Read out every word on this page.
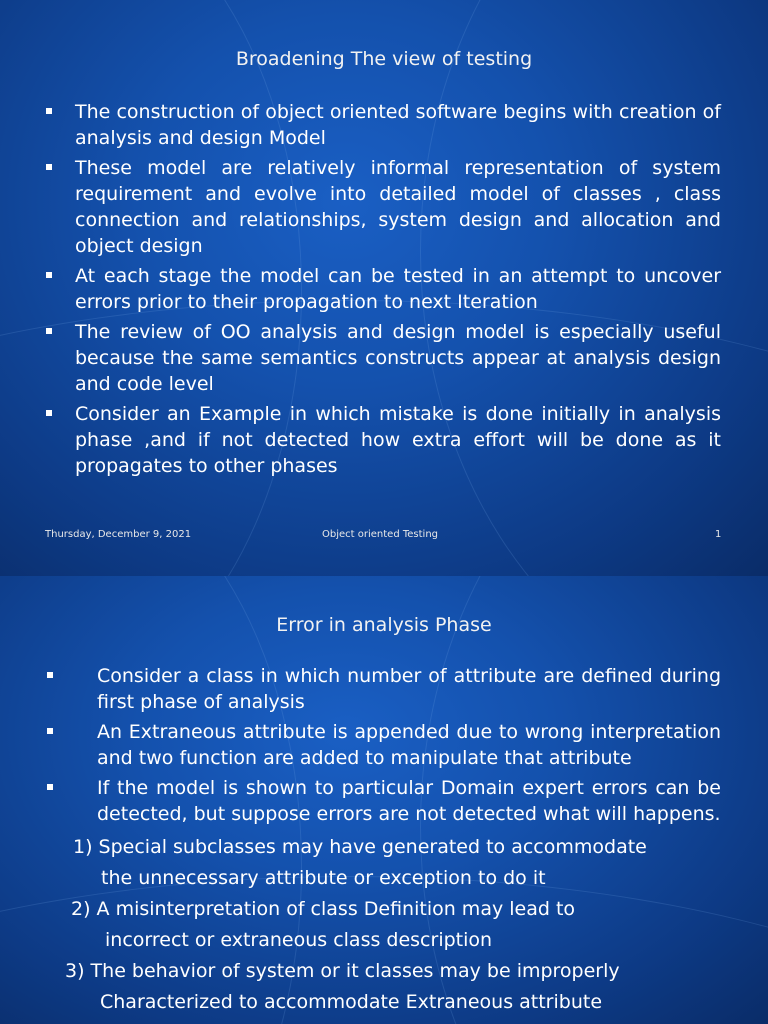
Broadening The view of testing
The construction of object oriented software begins with creation of analysis and design Model
These model are relatively informal representation of system requirement and evolve into detailed model of classes , class connection and relationships, system design and allocation and object design
At each stage the model can be tested in an attempt to uncover errors prior to their propagation to next Iteration
The review of OO analysis and design model is especially useful because the same semantics constructs appear at analysis design and code level
Consider an Example in which mistake is done initially in analysis phase ,and if not detected how extra effort will be done as it propagates to other phases
Thursday, December 9, 2021	Object oriented Testing	1
Error in analysis Phase
Consider a class in which number of attribute are defined during first phase of analysis
An Extraneous attribute is appended due to wrong interpretation and two function are added to manipulate that attribute
If the model is shown to particular Domain expert errors can be detected, but suppose errors are not detected what will happens.
1) Special subclasses may have generated to accommodate
the unnecessary attribute or exception to do it
2) A misinterpretation of class Definition may lead to
incorrect or extraneous class description
3) The behavior of system or it classes may be improperly
Characterized to accommodate Extraneous attribute
